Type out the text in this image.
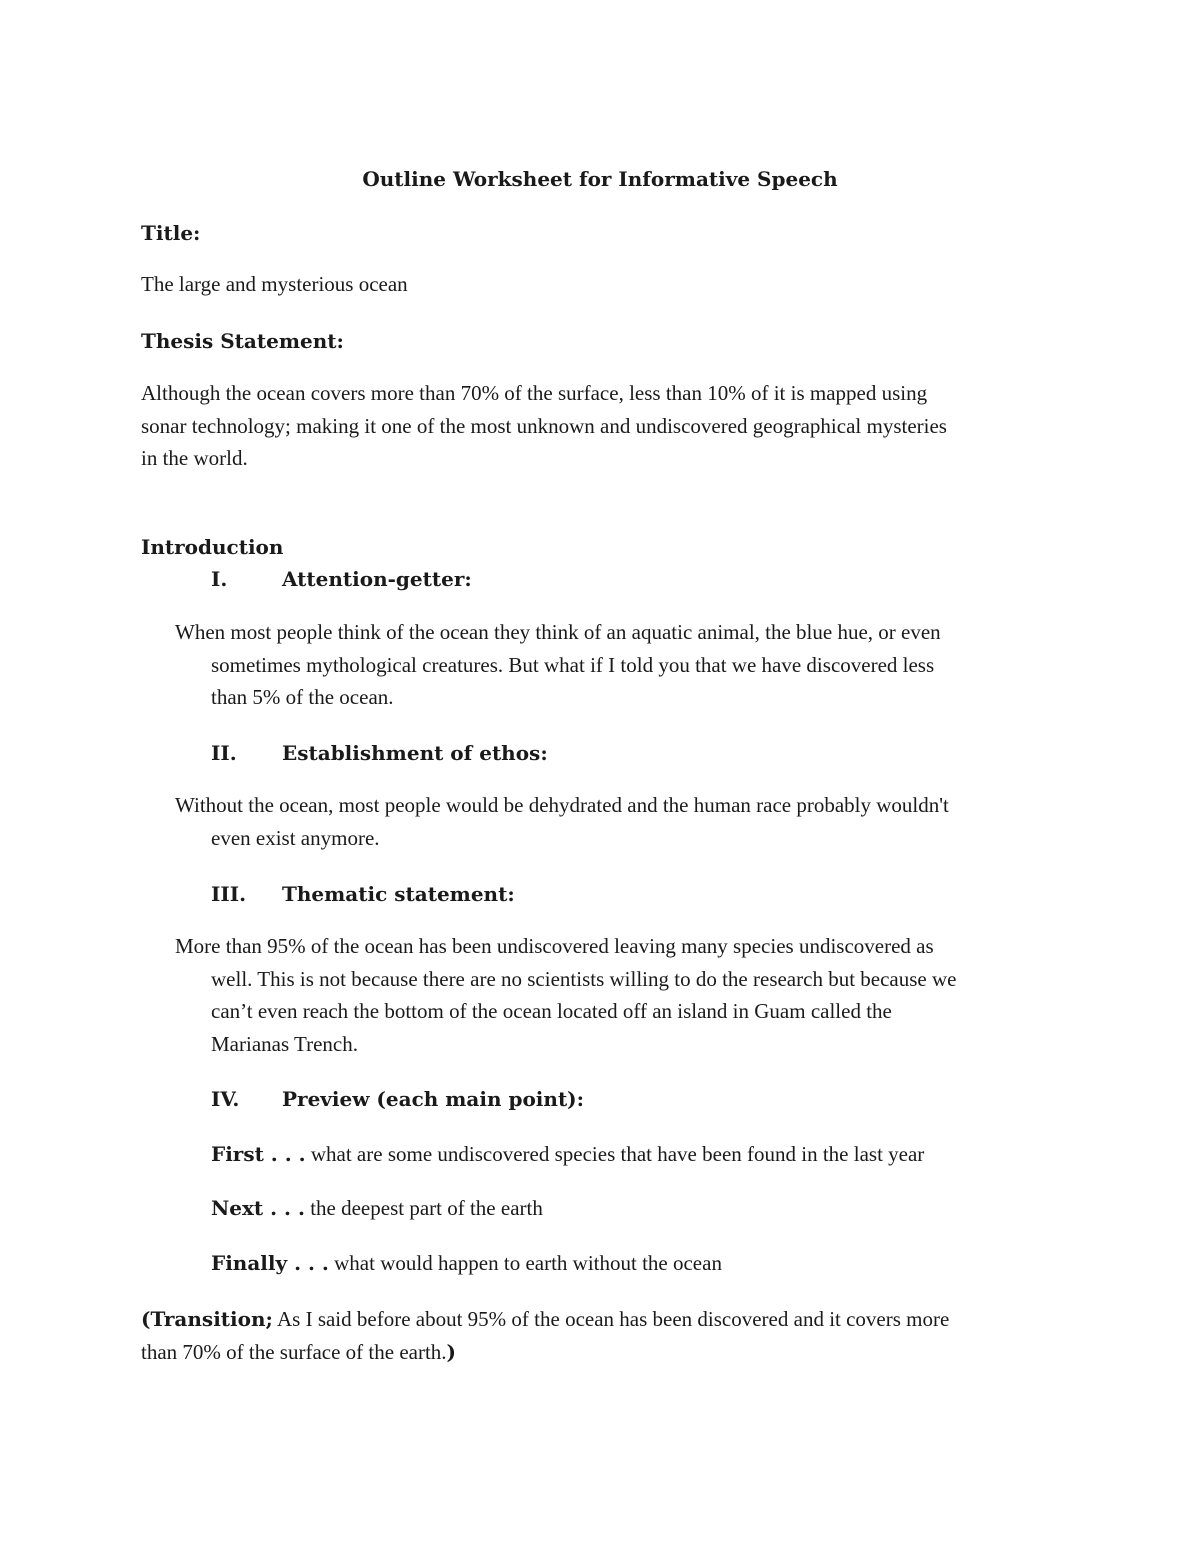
Outline Worksheet for Informative Speech
Title:
The large and mysterious ocean
Thesis Statement:
Although the ocean covers more than 70% of the surface, less than 10% of it is mapped using
sonar technology; making it one of the most unknown and undiscovered geographical mysteries
in the world.
Introduction
I.	Attention-getter:
When most people think of the ocean they think of an aquatic animal, the blue hue, or even
sometimes mythological creatures. But what if I told you that we have discovered less
than 5% of the ocean.
II. Establishment of ethos:
Without the ocean, most people would be dehydrated and the human race probably wouldn't
even exist anymore.
III. Thematic statement:
More than 95% of the ocean has been undiscovered leaving many species undiscovered as
well. This is not because there are no scientists willing to do the research but because we
can’t even reach the bottom of the ocean located off an island in Guam called the
Marianas Trench.
IV. Preview (each main point):
First . . . what are some undiscovered species that have been found in the last year
Next . . . the deepest part of the earth
Finally . . . what would happen to earth without the ocean
(Transition; As I said before about 95% of the ocean has been discovered and it covers more
than 70% of the surface of the earth.)
